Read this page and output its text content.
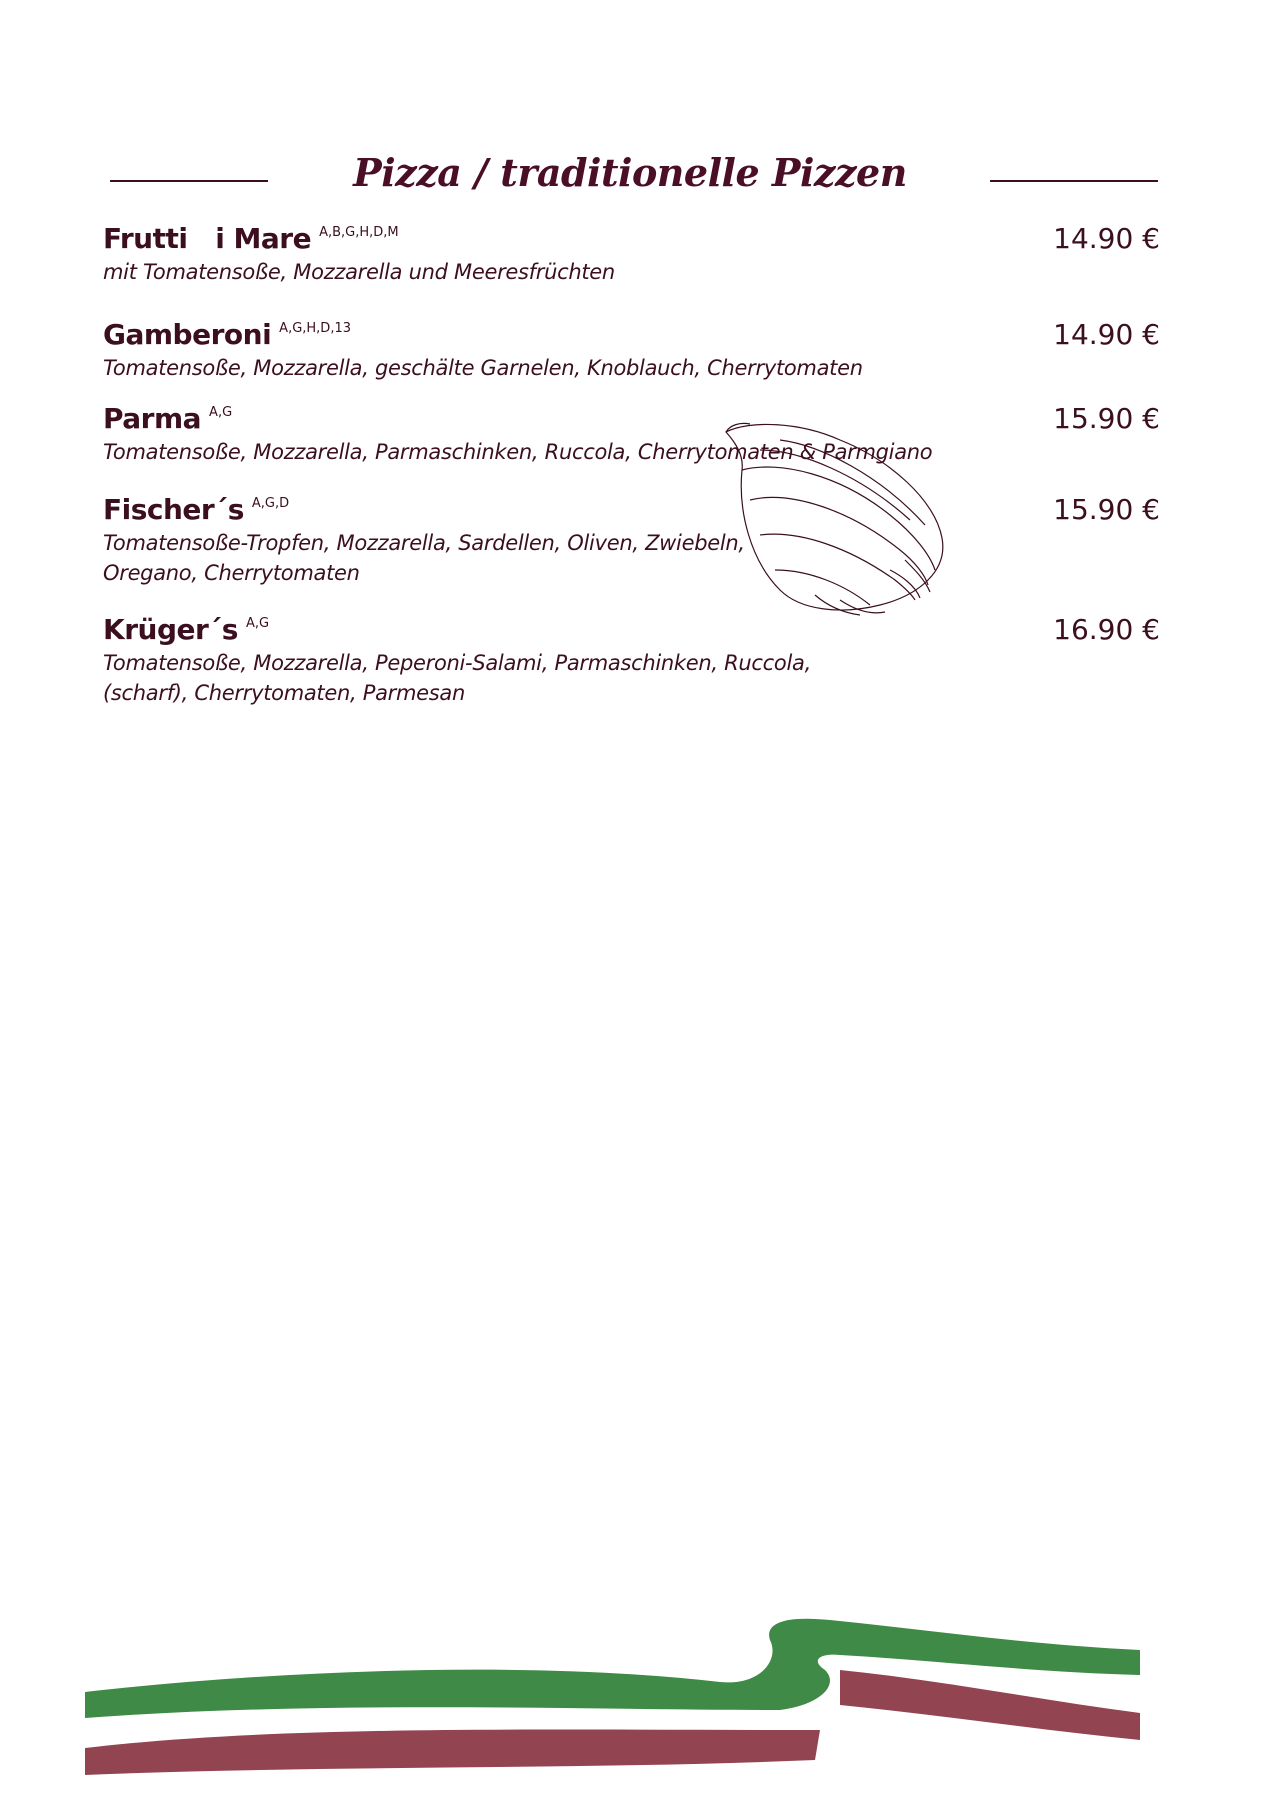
Pizza / traditionelle Pizzen
Frutti   i Mare $^{A,B,G,H,D,M}$
mit Tomatensoße, Mozzarella und Meeresfrüchten
14.90 €
Gamberoni $^{A,G,H,D,13}$
Tomatensoße, Mozzarella, geschälte Garnelen, Knoblauch, Cherrytomaten
14.90 €
Parma $^{A,G}$
Tomatensoße, Mozzarella, Parmaschinken, Ruccola, Cherrytomaten & Parmgiano
15.90 €
Fischer´s $^{A,G,D}$
Tomatensoße-Tropfen, Mozzarella, Sardellen, Oliven, Zwiebeln, Oregano, Cherrytomaten
15.90 €
Krüger´s $^{A,G}$
Tomatensoße, Mozzarella, Peperoni-Salami, Parmaschinken, Ruccola, (scharf), Cherrytomaten, Parmesan
16.90 €
